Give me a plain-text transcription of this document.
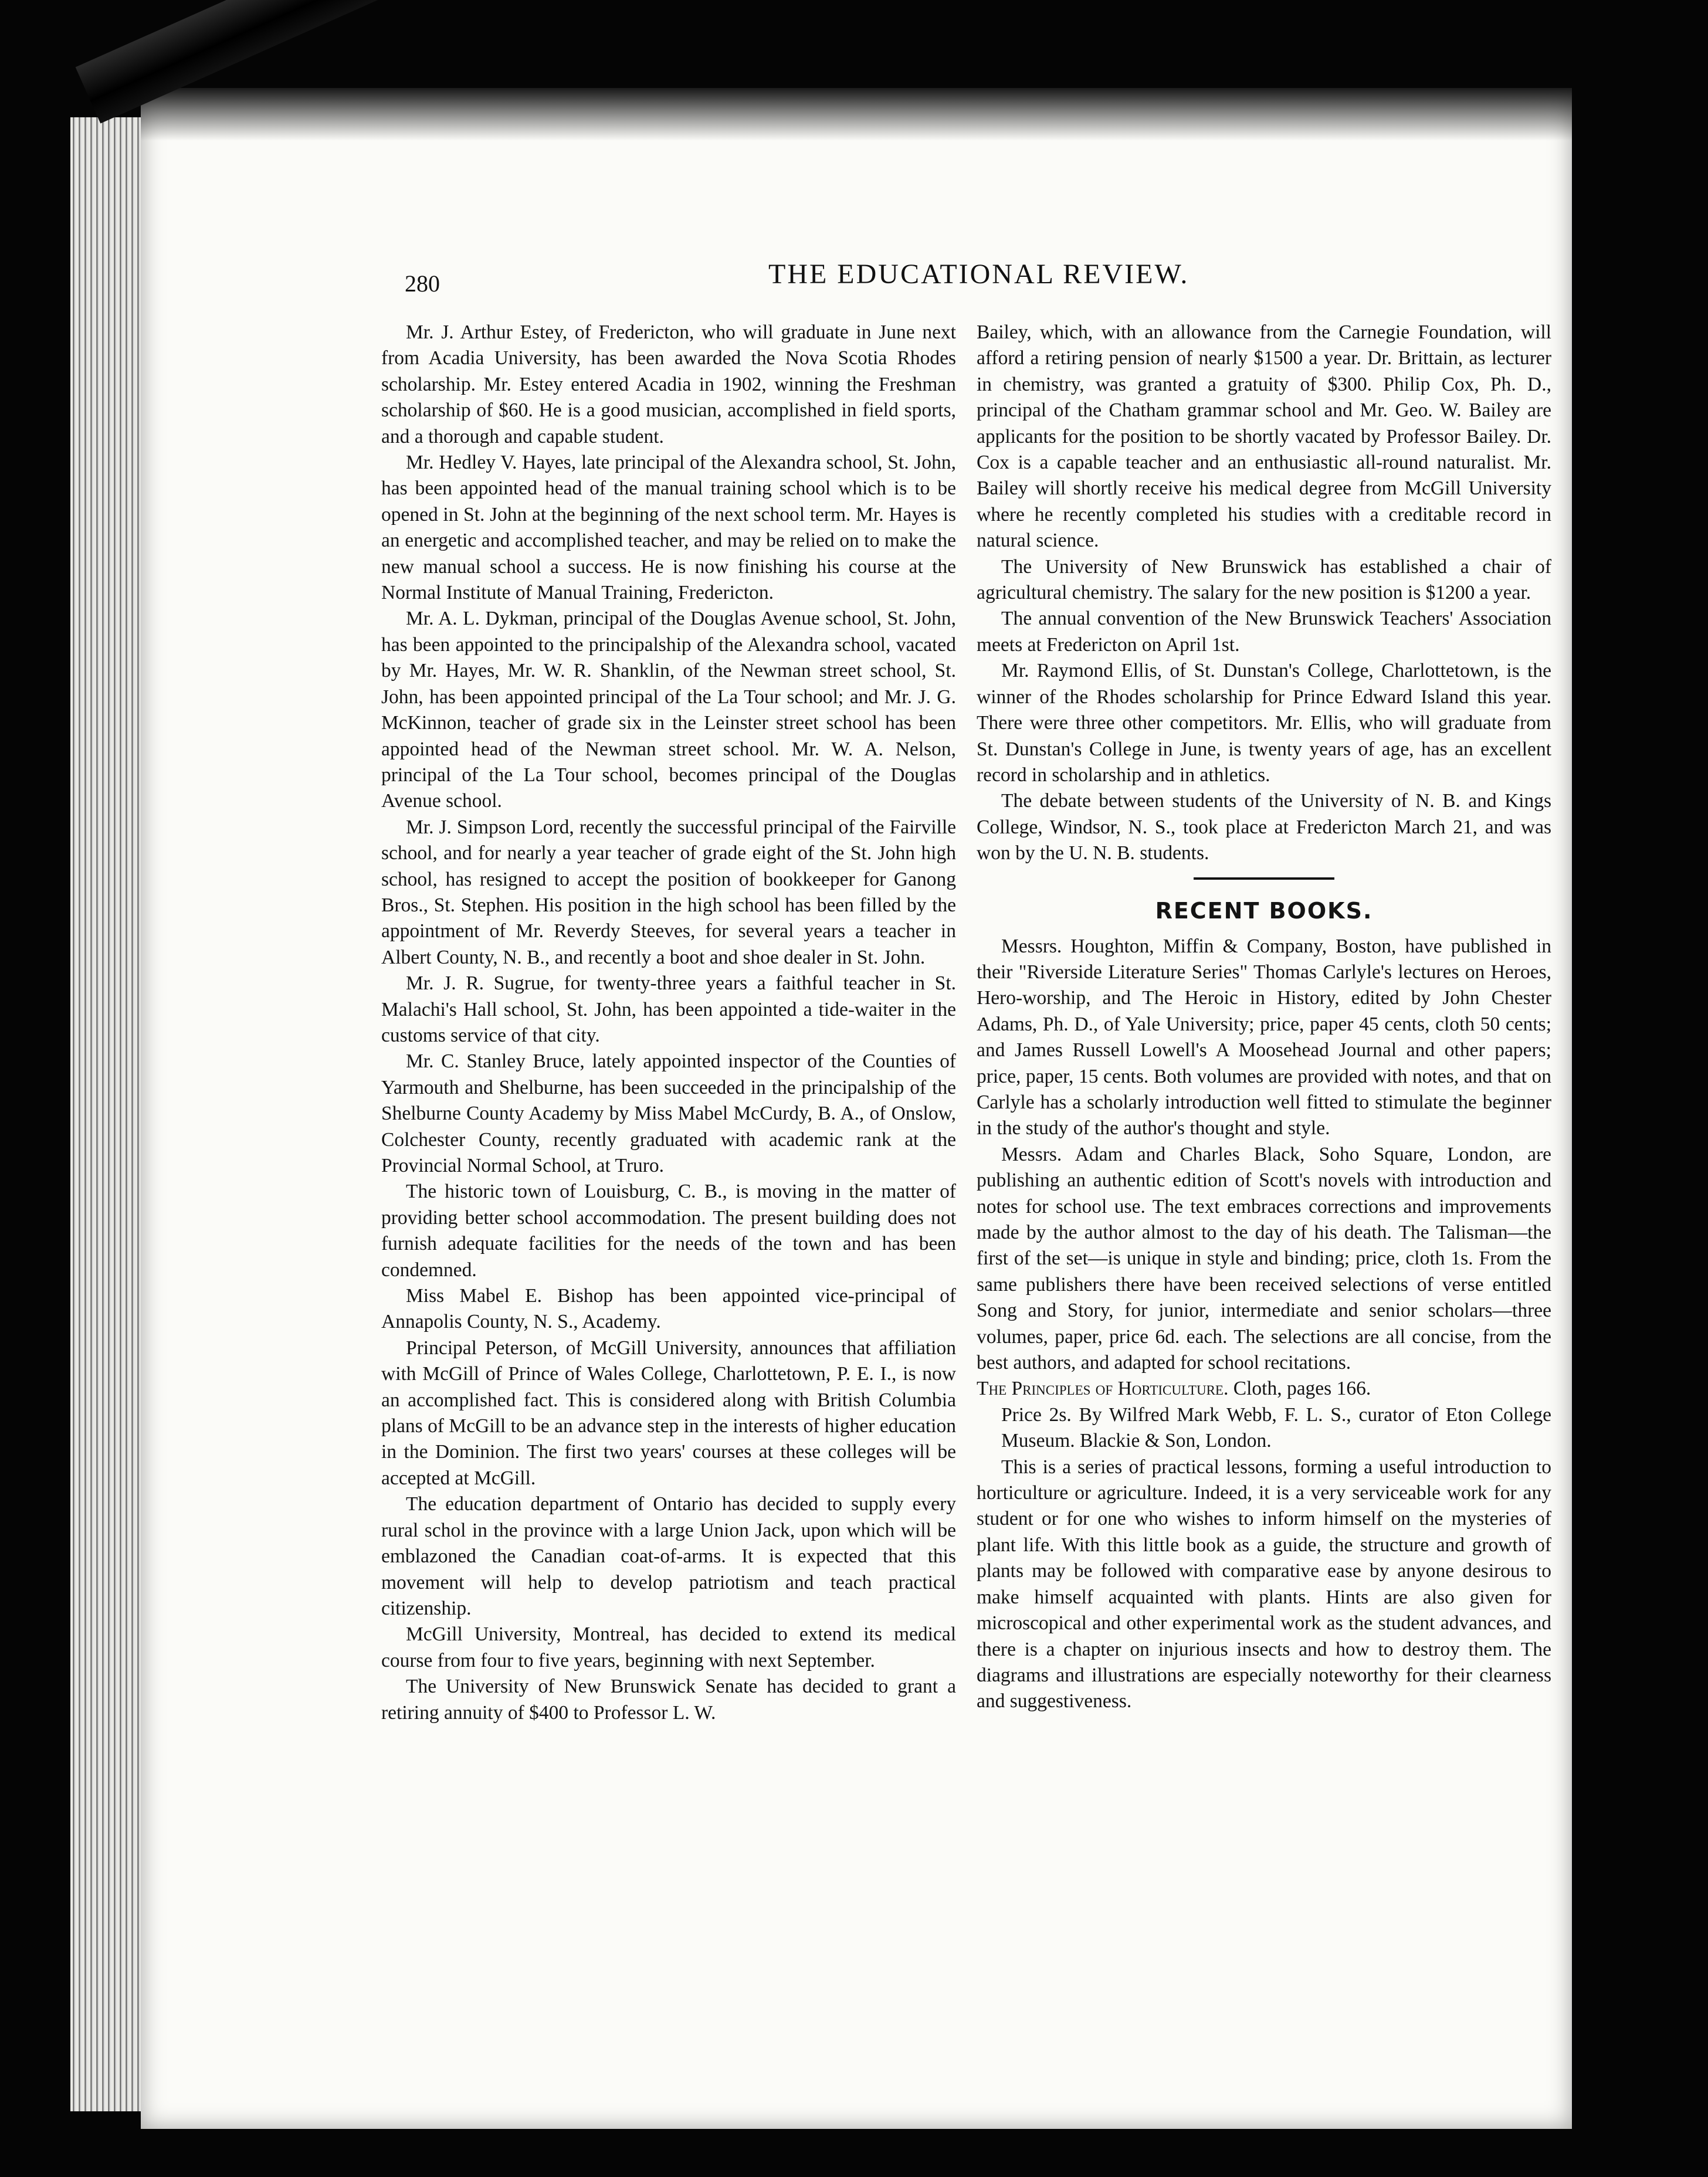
280	THE EDUCATIONAL REVIEW.

Mr. J. Arthur Estey, of Fredericton, who will graduate in June next from Acadia University, has been awarded the Nova Scotia Rhodes scholarship. Mr. Estey entered Acadia in 1902, winning the Freshman scholarship of $60. He is a good musician, accomplished in field sports, and a thorough and capable student.

Mr. Hedley V. Hayes, late principal of the Alexandra school, St. John, has been appointed head of the manual training school which is to be opened in St. John at the beginning of the next school term. Mr. Hayes is an energetic and accomplished teacher, and may be relied on to make the new manual school a success. He is now finishing his course at the Normal Institute of Manual Training, Fredericton.

Mr. A. L. Dykman, principal of the Douglas Avenue school, St. John, has been appointed to the principalship of the Alexandra school, vacated by Mr. Hayes, Mr. W. R. Shanklin, of the Newman street school, St. John, has been appointed principal of the La Tour school; and Mr. J. G. McKinnon, teacher of grade six in the Leinster street school has been appointed head of the Newman street school. Mr. W. A. Nelson, principal of the La Tour school, becomes principal of the Douglas Avenue school.

Mr. J. Simpson Lord, recently the successful principal of the Fairville school, and for nearly a year teacher of grade eight of the St. John high school, has resigned to accept the position of bookkeeper for Ganong Bros., St. Stephen. His position in the high school has been filled by the appointment of Mr. Reverdy Steeves, for several years a teacher in Albert County, N. B., and recently a boot and shoe dealer in St. John.

Mr. J. R. Sugrue, for twenty-three years a faithful teacher in St. Malachi's Hall school, St. John, has been appointed a tide-waiter in the customs service of that city.

Mr. C. Stanley Bruce, lately appointed inspector of the Counties of Yarmouth and Shelburne, has been succeeded in the principalship of the Shelburne County Academy by Miss Mabel McCurdy, B. A., of Onslow, Colchester County, recently graduated with academic rank at the Provincial Normal School, at Truro.

The historic town of Louisburg, C. B., is moving in the matter of providing better school accommodation. The present building does not furnish adequate facilities for the needs of the town and has been condemned.

Miss Mabel E. Bishop has been appointed vice-principal of Annapolis County, N. S., Academy.

Principal Peterson, of McGill University, announces that affiliation with McGill of Prince of Wales College, Charlottetown, P. E. I., is now an accomplished fact. This is considered along with British Columbia plans of McGill to be an advance step in the interests of higher education in the Dominion. The first two years' courses at these colleges will be accepted at McGill.

The education department of Ontario has decided to supply every rural schol in the province with a large Union Jack, upon which will be emblazoned the Canadian coat-of-arms. It is expected that this movement will help to develop patriotism and teach practical citizenship.

McGill University, Montreal, has decided to extend its medical course from four to five years, beginning with next September.

The University of New Brunswick Senate has decided to grant a retiring annuity of $400 to Professor L. W.

Bailey, which, with an allowance from the Carnegie Foundation, will afford a retiring pension of nearly $1500 a year. Dr. Brittain, as lecturer in chemistry, was granted a gratuity of $300. Philip Cox, Ph. D., principal of the Chatham grammar school and Mr. Geo. W. Bailey are applicants for the position to be shortly vacated by Professor Bailey. Dr. Cox is a capable teacher and an enthusiastic all-round naturalist. Mr. Bailey will shortly receive his medical degree from McGill University where he recently completed his studies with a creditable record in natural science.

The University of New Brunswick has established a chair of agricultural chemistry. The salary for the new position is $1200 a year.

The annual convention of the New Brunswick Teachers' Association meets at Fredericton on April 1st.

Mr. Raymond Ellis, of St. Dunstan's College, Charlottetown, is the winner of the Rhodes scholarship for Prince Edward Island this year. There were three other competitors. Mr. Ellis, who will graduate from St. Dunstan's College in June, is twenty years of age, has an excellent record in scholarship and in athletics.

The debate between students of the University of N. B. and Kings College, Windsor, N. S., took place at Fredericton March 21, and was won by the U. N. B. students.

RECENT BOOKS.

Messrs. Houghton, Miffin & Company, Boston, have published in their "Riverside Literature Series" Thomas Carlyle's lectures on Heroes, Hero-worship, and The Heroic in History, edited by John Chester Adams, Ph. D., of Yale University; price, paper 45 cents, cloth 50 cents; and James Russell Lowell's A Moosehead Journal and other papers; price, paper, 15 cents. Both volumes are provided with notes, and that on Carlyle has a scholarly introduction well fitted to stimulate the beginner in the study of the author's thought and style.

Messrs. Adam and Charles Black, Soho Square, London, are publishing an authentic edition of Scott's novels with introduction and notes for school use. The text embraces corrections and improvements made by the author almost to the day of his death. The Talisman—the first of the set—is unique in style and binding; price, cloth 1s. From the same publishers there have been received selections of verse entitled Song and Story, for junior, intermediate and senior scholars—three volumes, paper, price 6d. each. The selections are all concise, from the best authors, and adapted for school recitations.

The Principles of Horticulture. Cloth, pages 166.

Price 2s. By Wilfred Mark Webb, F. L. S., curator of Eton College Museum. Blackie & Son, London.

This is a series of practical lessons, forming a useful introduction to horticulture or agriculture. Indeed, it is a very serviceable work for any student or for one who wishes to inform himself on the mysteries of plant life. With this little book as a guide, the structure and growth of plants may be followed with comparative ease by anyone desirous to make himself acquainted with plants. Hints are also given for microscopical and other experimental work as the student advances, and there is a chapter on injurious insects and how to destroy them. The diagrams and illustrations are especially noteworthy for their clearness and suggestiveness.
